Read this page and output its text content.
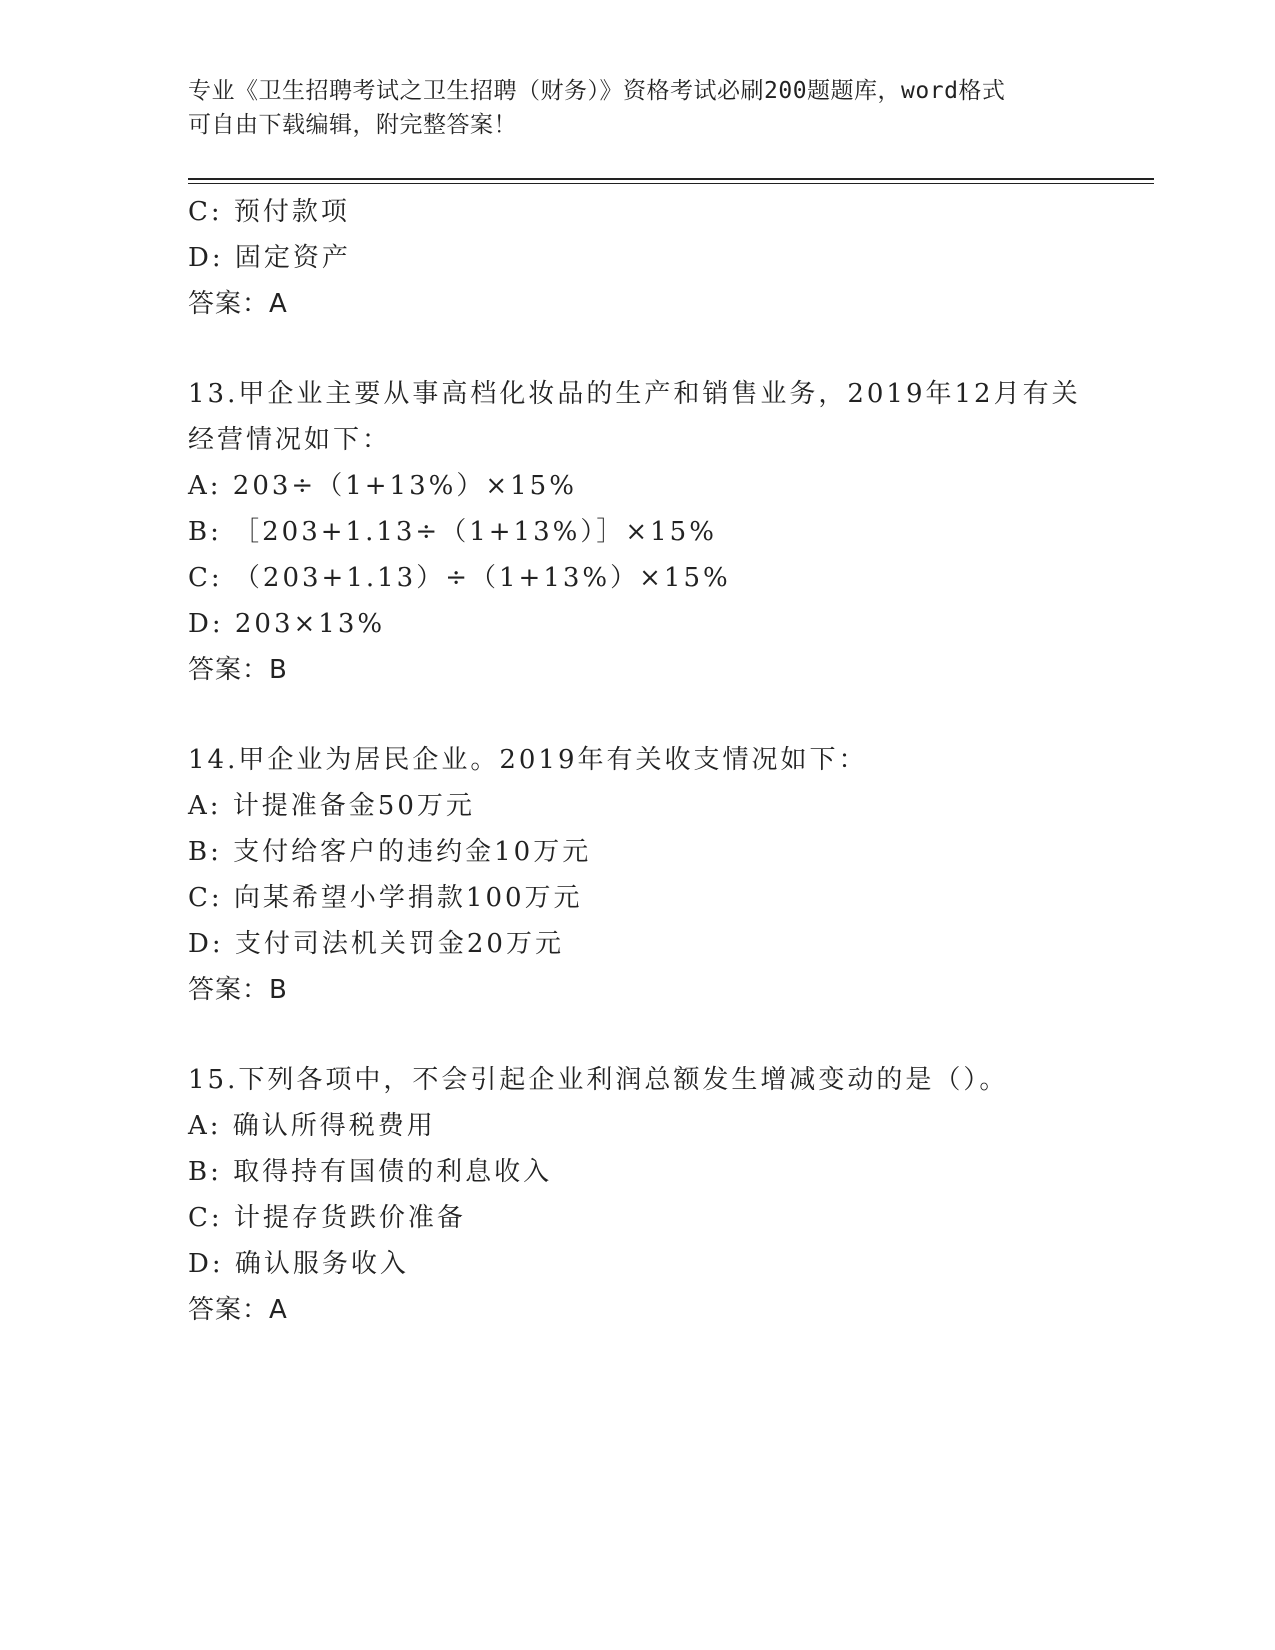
专业《卫生招聘考试之卫生招聘（财务）》资格考试必刷200题题库，word格式
可自由下载编辑，附完整答案！
C: 预付款项
D: 固定资产
答案：A
13.甲企业主要从事高档化妆品的生产和销售业务，2019年12月有关
经营情况如下：
A: 203÷（1+13%）×15%
B: ［203+1.13÷（1+13%）］×15%
C: （203+1.13）÷（1+13%）×15%
D: 203×13%
答案：B
14.甲企业为居民企业。2019年有关收支情况如下：
A: 计提准备金50万元
B: 支付给客户的违约金10万元
C: 向某希望小学捐款100万元
D: 支付司法机关罚金20万元
答案：B
15.下列各项中，不会引起企业利润总额发生增减变动的是（）。
A: 确认所得税费用
B: 取得持有国债的利息收入
C: 计提存货跌价准备
D: 确认服务收入
答案：A
